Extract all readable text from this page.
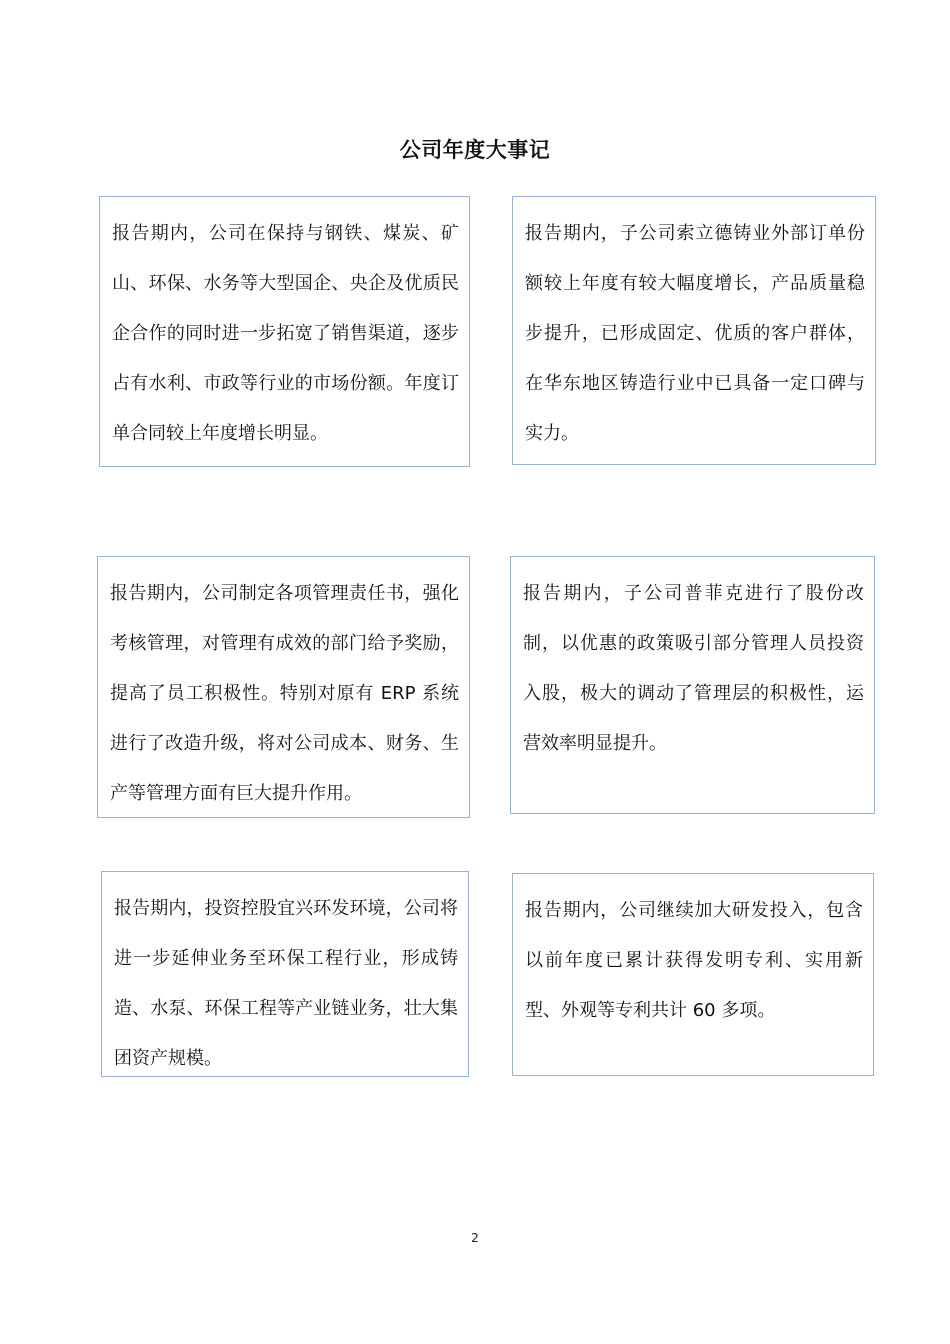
公司年度大事记

报告期内，公司在保持与钢铁、煤炭、矿山、环保、水务等大型国企、央企及优质民企合作的同时进一步拓宽了销售渠道，逐步占有水利、市政等行业的市场份额。年度订单合同较上年度增长明显。

报告期内，子公司索立德铸业外部订单份额较上年度有较大幅度增长，产品质量稳步提升，已形成固定、优质的客户群体，在华东地区铸造行业中已具备一定口碑与实力。

报告期内，公司制定各项管理责任书，强化考核管理，对管理有成效的部门给予奖励，提高了员工积极性。特别对原有 ERP 系统进行了改造升级，将对公司成本、财务、生产等管理方面有巨大提升作用。

报告期内，子公司普菲克进行了股份改制，以优惠的政策吸引部分管理人员投资入股，极大的调动了管理层的积极性，运营效率明显提升。

报告期内，投资控股宜兴环发环境，公司将进一步延伸业务至环保工程行业，形成铸造、水泵、环保工程等产业链业务，壮大集团资产规模。

报告期内，公司继续加大研发投入，包含以前年度已累计获得发明专利、实用新型、外观等专利共计 60 多项。

2
